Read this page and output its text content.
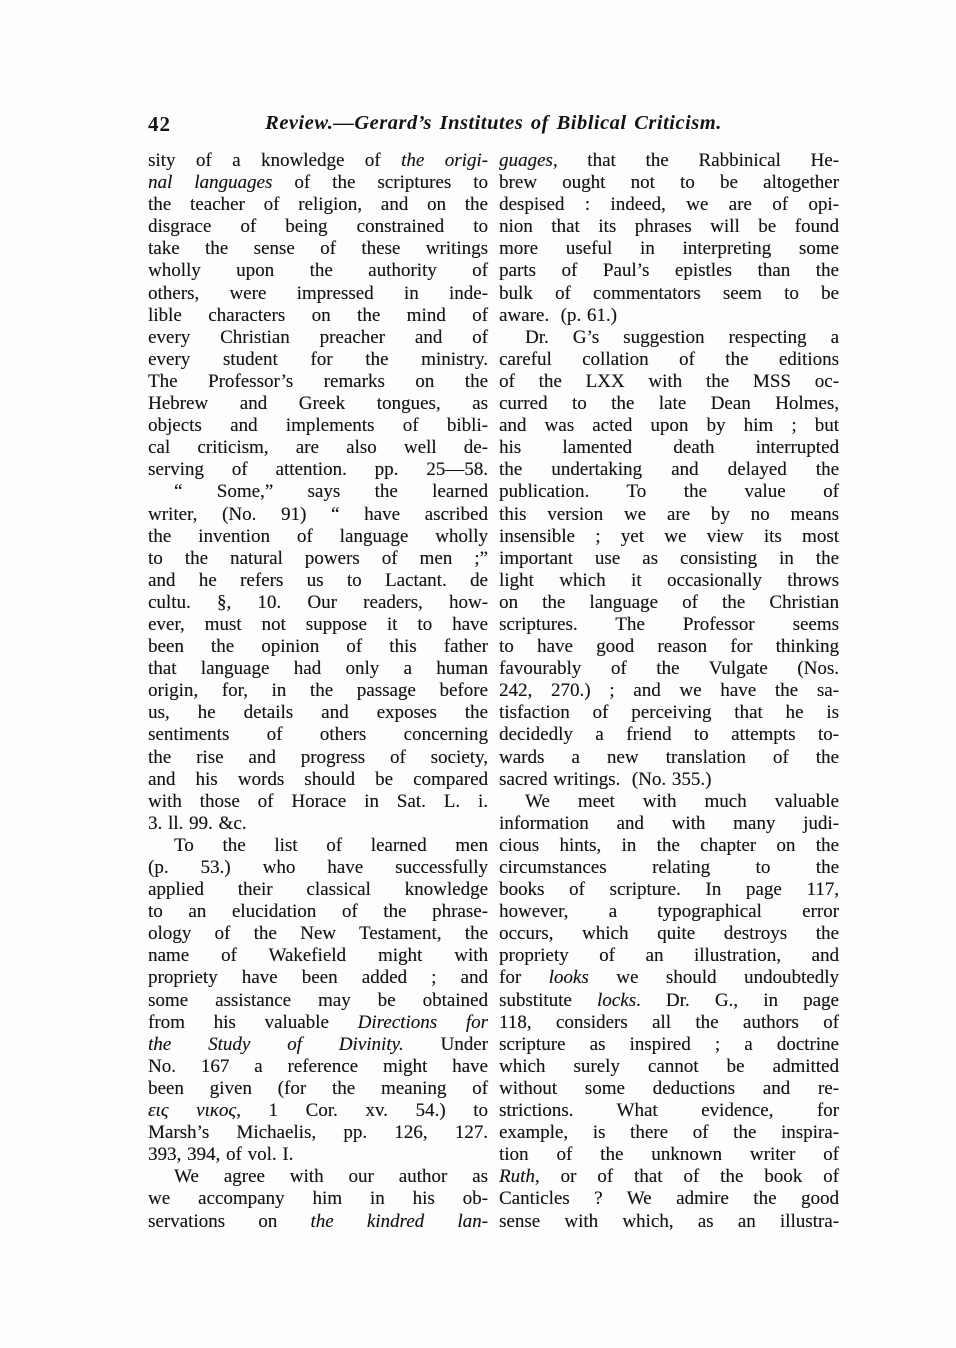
42	Review.—Gerard’s Institutes of Biblical Criticism.
sity of a knowledge of the origi-
nal languages of the scriptures to
the teacher of religion, and on the
disgrace of being constrained to
take the sense of these writings
wholly upon the authority of
others, were impressed in inde-
lible characters on the mind of
every Christian preacher and of
every student for the ministry.
The Professor’s remarks on the
Hebrew and Greek tongues, as
objects and implements of bibli-
cal criticism, are also well de-
serving of attention. pp. 25—58.
“ Some,” says the learned
writer, (No. 91) “ have ascribed
the invention of language wholly
to the natural powers of men ;”
and he refers us to Lactant. de
cultu. §, 10. Our readers, how-
ever, must not suppose it to have
been the opinion of this father
that language had only a human
origin, for, in the passage before
us, he details and exposes the
sentiments of others concerning
the rise and progress of society,
and his words should be compared
with those of Horace in Sat. L. i.
3. ll. 99. &c.
To the list of learned men
(p. 53.) who have successfully
applied their classical knowledge
to an elucidation of the phrase-
ology of the New Testament, the
name of Wakefield might with
propriety have been added ; and
some assistance may be obtained
from his valuable Directions for
the Study of Divinity. Under
No. 167 a reference might have
been given (for the meaning of
εις νικος, 1 Cor. xv. 54.) to
Marsh’s Michaelis, pp. 126, 127.
393, 394, of vol. I.
We agree with our author as
we accompany him in his ob-
servations on the kindred lan-
guages, that the Rabbinical He-
brew ought not to be altogether
despised : indeed, we are of opi-
nion that its phrases will be found
more useful in interpreting some
parts of Paul’s epistles than the
bulk of commentators seem to be
aware.  (p. 61.)
Dr. G’s suggestion respecting a
careful collation of the editions
of the LXX with the MSS oc-
curred to the late Dean Holmes,
and was acted upon by him ; but
his lamented death interrupted
the undertaking and delayed the
publication. To the value of
this version we are by no means
insensible ; yet we view its most
important use as consisting in the
light which it occasionally throws
on the language of the Christian
scriptures. The Professor seems
to have good reason for thinking
favourably of the Vulgate (Nos.
242, 270.) ; and we have the sa-
tisfaction of perceiving that he is
decidedly a friend to attempts to-
wards a new translation of the
sacred writings.  (No. 355.)
We meet with much valuable
information and with many judi-
cious hints, in the chapter on the
circumstances relating to the
books of scripture. In page 117,
however, a typographical error
occurs, which quite destroys the
propriety of an illustration, and
for looks we should undoubtedly
substitute locks. Dr. G., in page
118, considers all the authors of
scripture as inspired ; a doctrine
which surely cannot be admitted
without some deductions and re-
strictions. What evidence, for
example, is there of the inspira-
tion of the unknown writer of
Ruth, or of that of the book of
Canticles ? We admire the good
sense with which, as an illustra-
